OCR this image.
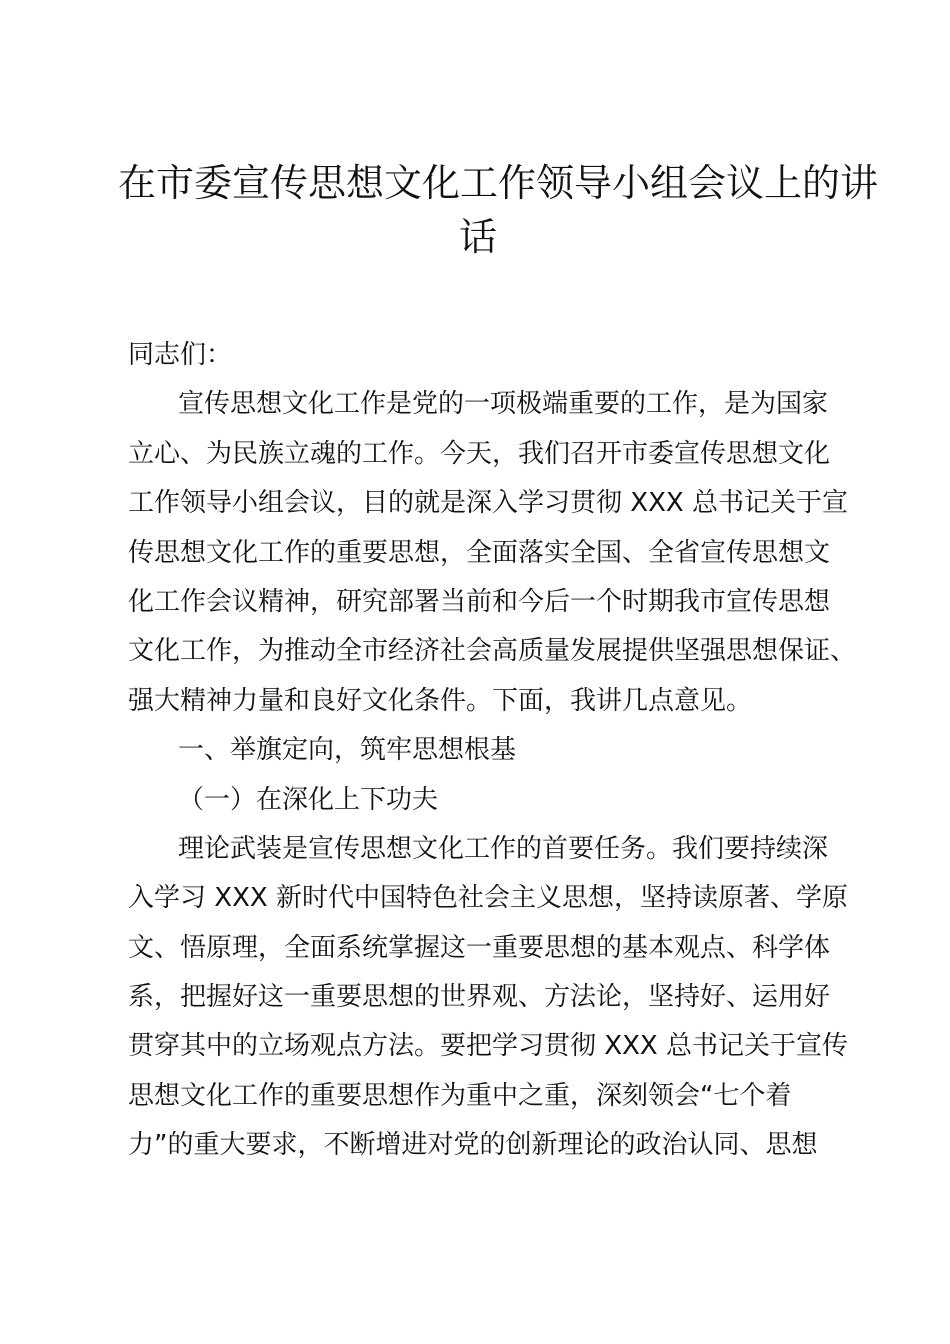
在市委宣传思想文化工作领导小组会议上的讲
话
同志们：
宣传思想文化工作是党的一项极端重要的工作，是为国家
立心、为民族立魂的工作。今天，我们召开市委宣传思想文化
工作领导小组会议，目的就是深入学习贯彻 XXX 总书记关于宣
传思想文化工作的重要思想，全面落实全国、全省宣传思想文
化工作会议精神，研究部署当前和今后一个时期我市宣传思想
文化工作，为推动全市经济社会高质量发展提供坚强思想保证、
强大精神力量和良好文化条件。下面，我讲几点意见。
一、举旗定向，筑牢思想根基
（一）在深化上下功夫
理论武装是宣传思想文化工作的首要任务。我们要持续深
入学习 XXX 新时代中国特色社会主义思想，坚持读原著、学原
文、悟原理，全面系统掌握这一重要思想的基本观点、科学体
系，把握好这一重要思想的世界观、方法论，坚持好、运用好
贯穿其中的立场观点方法。要把学习贯彻 XXX 总书记关于宣传
思想文化工作的重要思想作为重中之重，深刻领会“七个着
力”的重大要求，不断增进对党的创新理论的政治认同、思想
